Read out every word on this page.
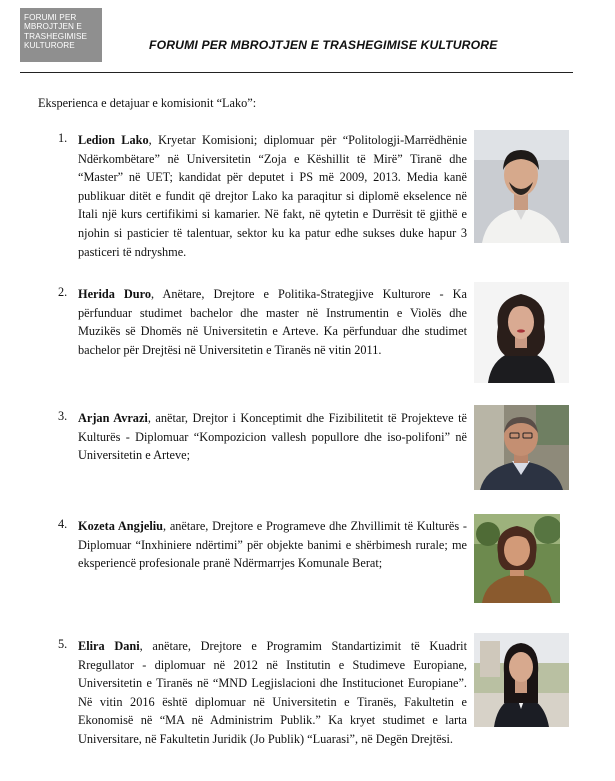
FORUMI PER
MBROJTJEN E
TRASHEGIMISE
KULTURORE	FORUMI PER MBROJTJEN E TRASHEGIMISE KULTURORE
Eksperienca e detajuar e komisionit “Lako”:
1. Ledion Lako, Kryetar Komisioni; diplomuar për “Politologji-Marrëdhënie Ndërkombëtare” në Universitetin “Zoja e Këshillit të Mirë” Tiranë dhe “Master” në UET; kandidat për deputet i PS më 2009, 2013. Media kanë publikuar ditët e fundit që drejtor Lako ka paraqitur si diplomë ekselence në Itali një kurs certifikimi si kamarier. Në fakt, në qytetin e Durrësit të gjithë e njohin si pasticier të talentuar, sektor ku ka patur edhe sukses duke hapur 3 pasticeri të ndryshme.

2. Herida Duro, Anëtare, Drejtore e Politika-Strategjive Kulturore - Ka përfunduar studimet bachelor dhe master në Instrumentin e Violës dhe Muzikës së Dhomës në Universitetin e Arteve. Ka përfunduar dhe studimet bachelor për Drejtësi në Universitetin e Tiranës në vitin 2011.

3. Arjan Avrazi, anëtar, Drejtor i Konceptimit dhe Fizibilitetit të Projekteve të Kulturës - Diplomuar “Kompozicion vallesh popullore dhe iso-polifoni” në Universitetin e Arteve;

4. Kozeta Angjeliu, anëtare, Drejtore e Programeve dhe Zhvillimit të Kulturës - Diplomuar “Inxhiniere ndërtimi” për objekte banimi e shërbimesh rurale; me eksperiencë profesionale pranë Ndërmarrjes Komunale Berat;

5. Elira Dani, anëtare, Drejtore e Programim Standartizimit të Kuadrit Rregullator - diplomuar në 2012 në Institutin e Studimeve Europiane, Universitetin e Tiranës në “MND Legjislacioni dhe Institucionet Europiane”. Në vitin 2016 është diplomuar në Universitetin e Tiranës, Fakultetin e Ekonomisë në “MA në Administrim Publik.” Ka kryet studimet e larta Universitare, në Fakultetin Juridik (Jo Publik) “Luarasi”, në Degën Drejtësi.
